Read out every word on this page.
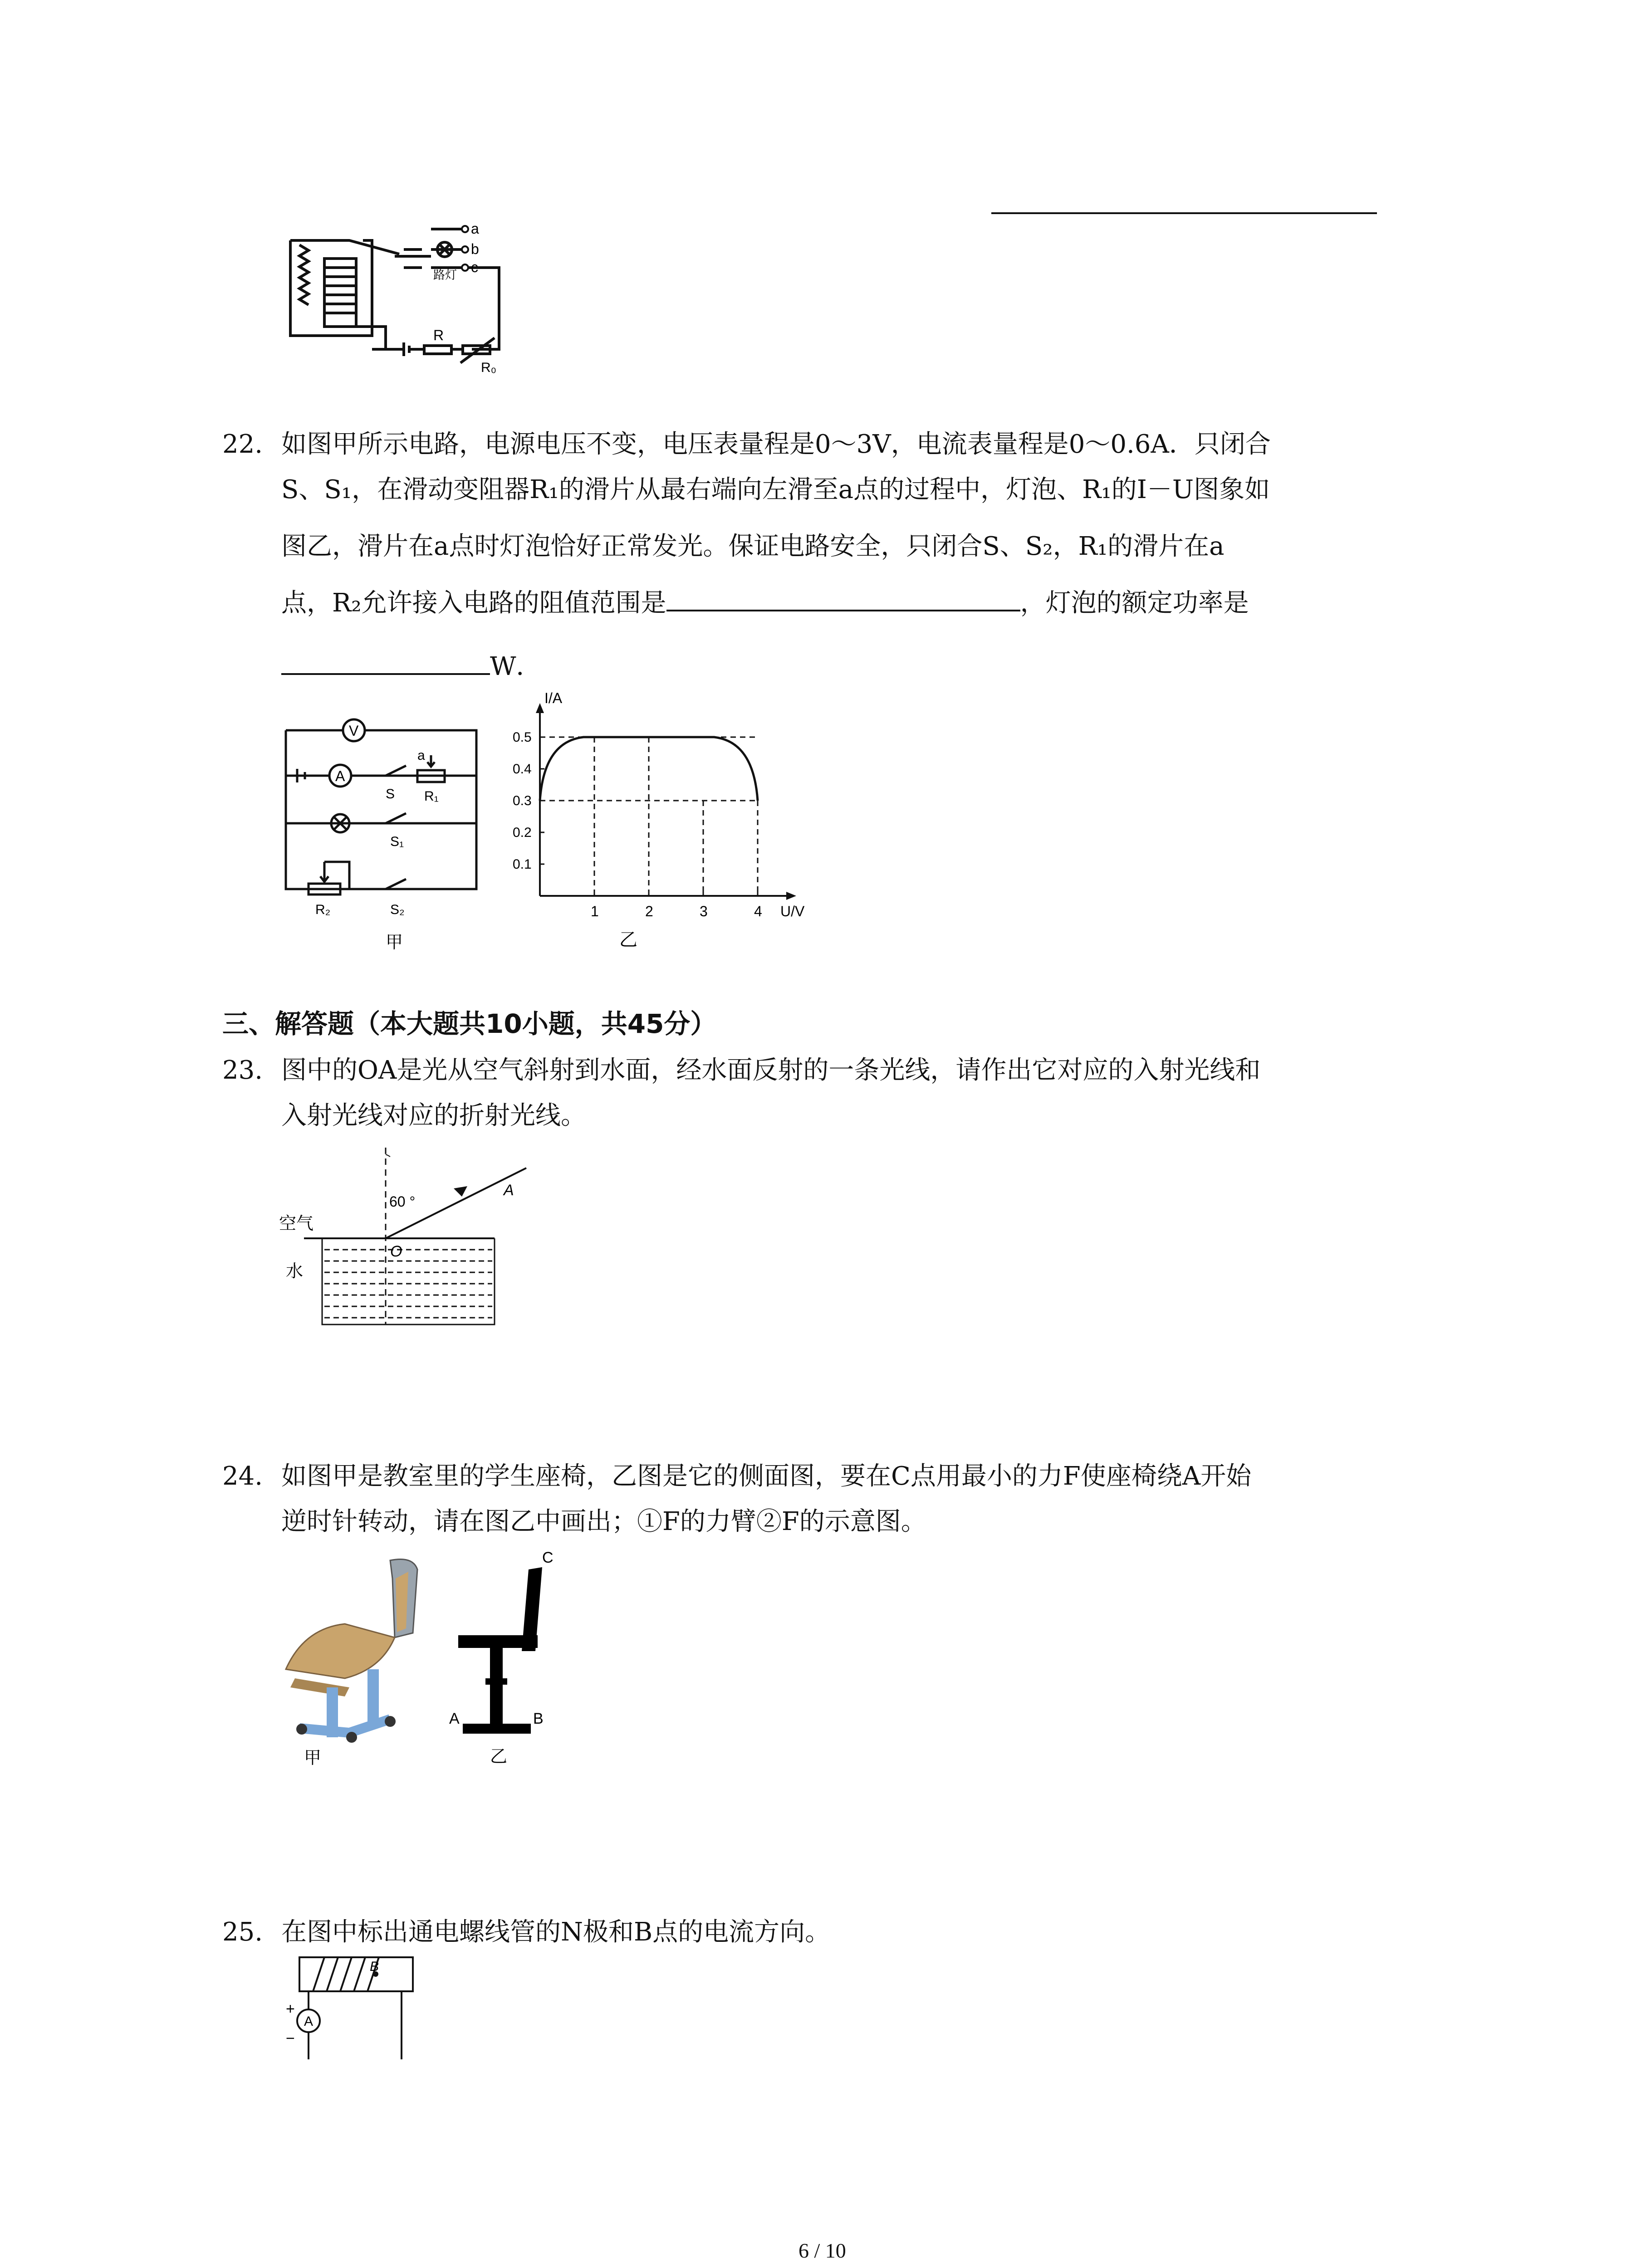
a
b
c
路灯
R
R₀
22. 如图甲所示电路，电源电压不变，电压表量程是0～3V，电流表量程是0～0.6A．只闭合
S、S₁，在滑动变阻器R₁的滑片从最右端向左滑至a点的过程中，灯泡、R₁的I－U图象如
图乙，滑片在a点时灯泡恰好正常发光。保证电路安全，只闭合S、S₂，R₁的滑片在a
点，R₂允许接入电路的阻值范围是	，灯泡的额定功率是
W．
V
A
S
a
R₁
S₁
R₂	S₂
甲
U/V
I/A
1	2	3	4
0.1
0.2
0.3
0.4
0.5
乙
三、解答题（本大题共10小题，共45分）
23. 图中的OA是光从空气斜射到水面，经水面反射的一条光线，请作出它对应的入射光线和
入射光线对应的折射光线。
60 °
A
O
空气
水
24. 如图甲是教室里的学生座椅，乙图是它的侧面图，要在C点用最小的力F使座椅绕A开始
逆时针转动，请在图乙中画出；①F的力臂②F的示意图。
甲
C
A	B
乙
25. 在图中标出通电螺线管的N极和B点的电流方向。
B
A
+
−
6 / 10
